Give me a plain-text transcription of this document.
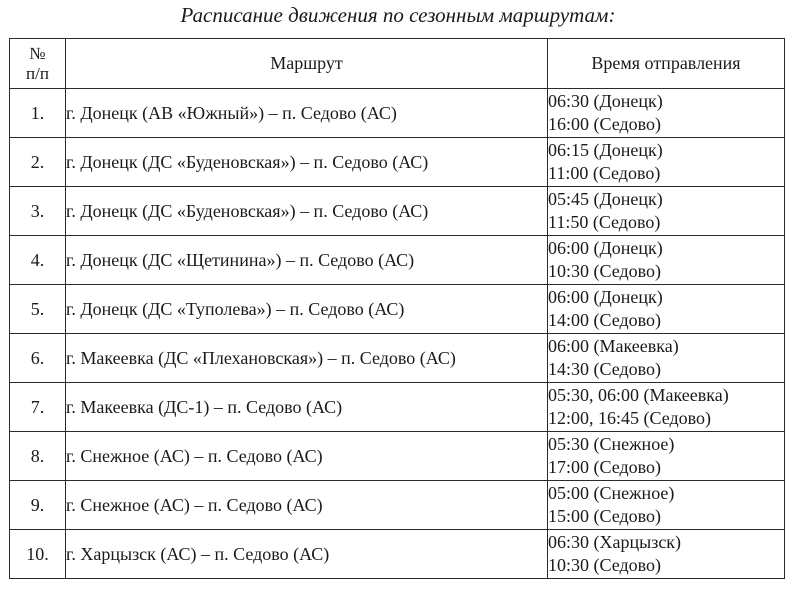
Расписание движения по сезонным маршрутам:
№
п/п	Маршрут	Время отправления
1.	г. Донецк (АВ «Южный») – п. Седово (АС)	06:30 (Донецк)
16:00 (Седово)

2.	г. Донецк (ДС «Буденовская») – п. Седово (АС)	06:15 (Донецк)
11:00 (Седово)

3.	г. Донецк (ДС «Буденовская») – п. Седово (АС)	05:45 (Донецк)
11:50 (Седово)

4.	г. Донецк (ДС «Щетинина») – п. Седово (АС)	06:00 (Донецк)
10:30 (Седово)

5.	г. Донецк (ДС «Туполева») – п. Седово (АС)	06:00 (Донецк)
14:00 (Седово)

6.	г. Макеевка (ДС «Плехановская») – п. Седово (АС)	06:00 (Макеевка)
14:30 (Седово)

7.	г. Макеевка (ДС-1) – п. Седово (АС)	05:30, 06:00 (Макеевка)
12:00, 16:45 (Седово)

8.	г. Снежное (АС) – п. Седово (АС)	05:30 (Снежное)
17:00 (Седово)

9.	г. Снежное (АС) – п. Седово (АС)	05:00 (Снежное)
15:00 (Седово)

10.	г. Харцызск (АС) – п. Седово (АС)	06:30 (Харцызск)
10:30 (Седово)
